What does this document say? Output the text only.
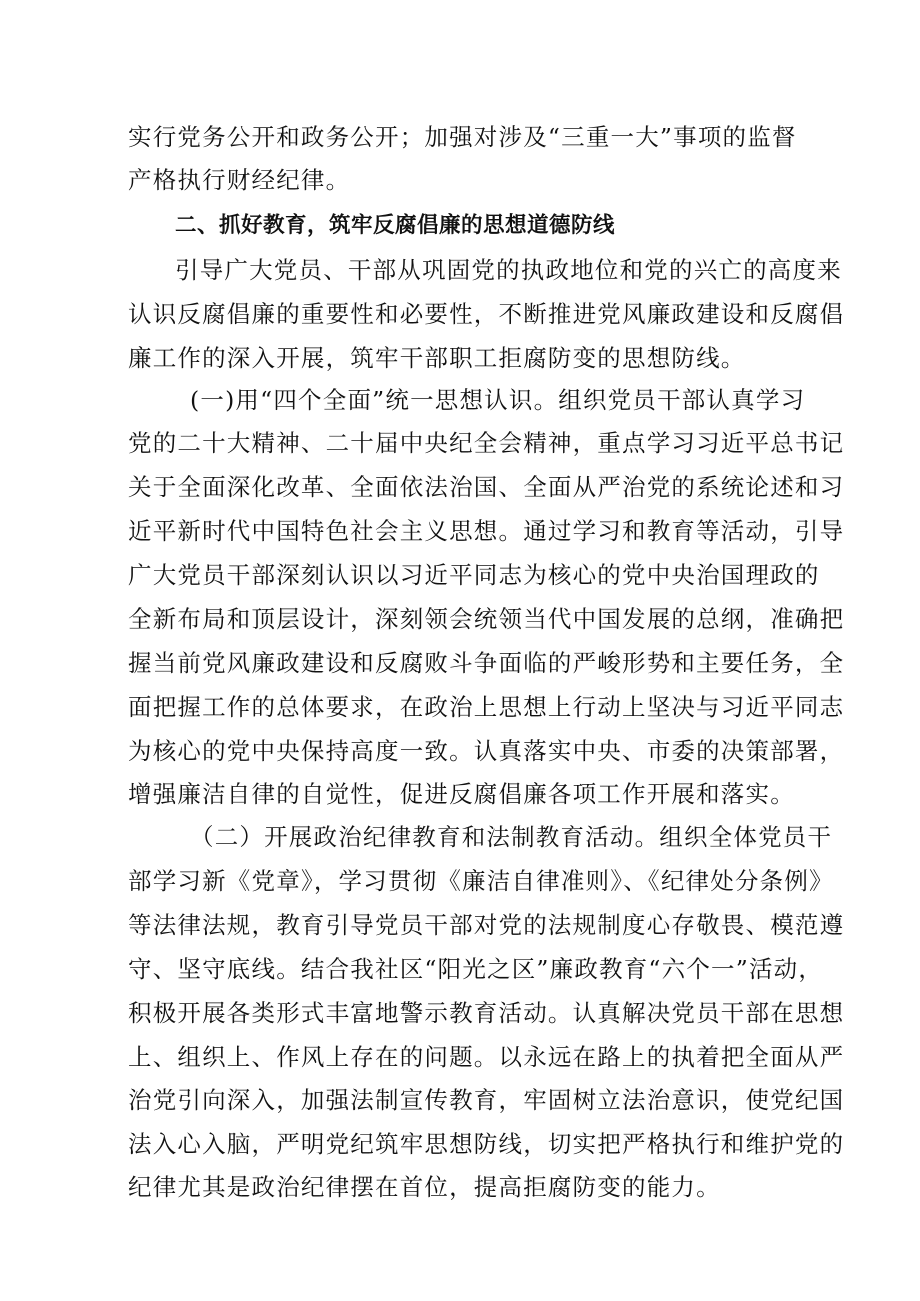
实行党务公开和政务公开；加强对涉及“三重一大”事项的监督
产格执行财经纪律。
二、抓好教育，筑牢反腐倡廉的思想道德防线
引导广大党员、干部从巩固党的执政地位和党的兴亡的高度来
认识反腐倡廉的重要性和必要性，不断推进党风廉政建设和反腐倡
廉工作的深入开展，筑牢干部职工拒腐防变的思想防线。
(一)用“四个全面”统一思想认识。组织党员干部认真学习
党的二十大精神、二十届中央纪全会精神，重点学习习近平总书记
关于全面深化改革、全面依法治国、全面从严治党的系统论述和习
近平新时代中国特色社会主义思想。通过学习和教育等活动，引导
广大党员干部深刻认识以习近平同志为核心的党中央治国理政的
全新布局和顶层设计，深刻领会统领当代中国发展的总纲，准确把
握当前党风廉政建设和反腐败斗争面临的严峻形势和主要任务，全
面把握工作的总体要求，在政治上思想上行动上坚决与习近平同志
为核心的党中央保持高度一致。认真落实中央、市委的决策部署，
增强廉洁自律的自觉性，促进反腐倡廉各项工作开展和落实。
（二）开展政治纪律教育和法制教育活动。组织全体党员干
部学习新《党章》，学习贯彻《廉洁自律准则》、《纪律处分条例》
等法律法规，教育引导党员干部对党的法规制度心存敬畏、模范遵
守、坚守底线。结合我社区“阳光之区”廉政教育“六个一”活动，
积极开展各类形式丰富地警示教育活动。认真解决党员干部在思想
上、组织上、作风上存在的问题。以永远在路上的执着把全面从严
治党引向深入，加强法制宣传教育，牢固树立法治意识，使党纪国
法入心入脑，严明党纪筑牢思想防线，切实把严格执行和维护党的
纪律尤其是政治纪律摆在首位，提高拒腐防变的能力。
